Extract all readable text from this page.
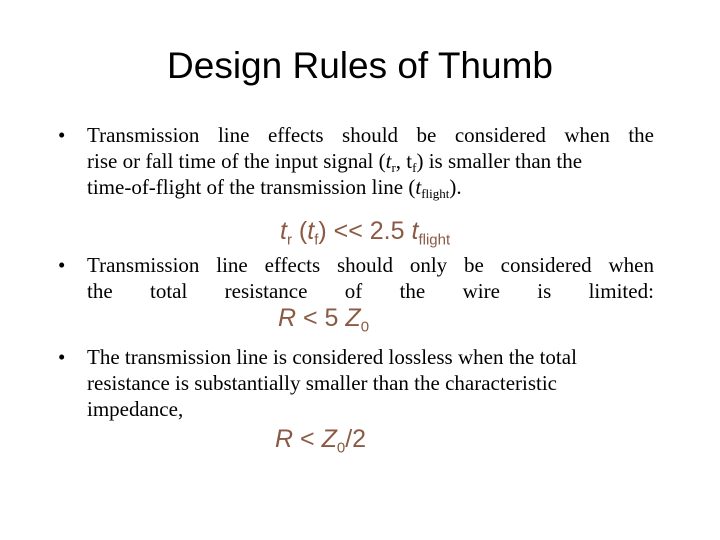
Design Rules of Thumb
• Transmission line effects should be considered when the
rise or fall time of the input signal ($t_r$, $t_f$) is smaller than the
time-of-flight of the transmission line $(t_{flight})$.
$t_r$ $(t_f) << 2.5$ $t_{flight}$
• Transmission line effects should only be considered when
the total resistance of the wire is limited:
R < 5 $Z_0$
• The transmission line is considered lossless when the total
resistance is substantially smaller than the characteristic
impedance,
$R < Z_0/2$
